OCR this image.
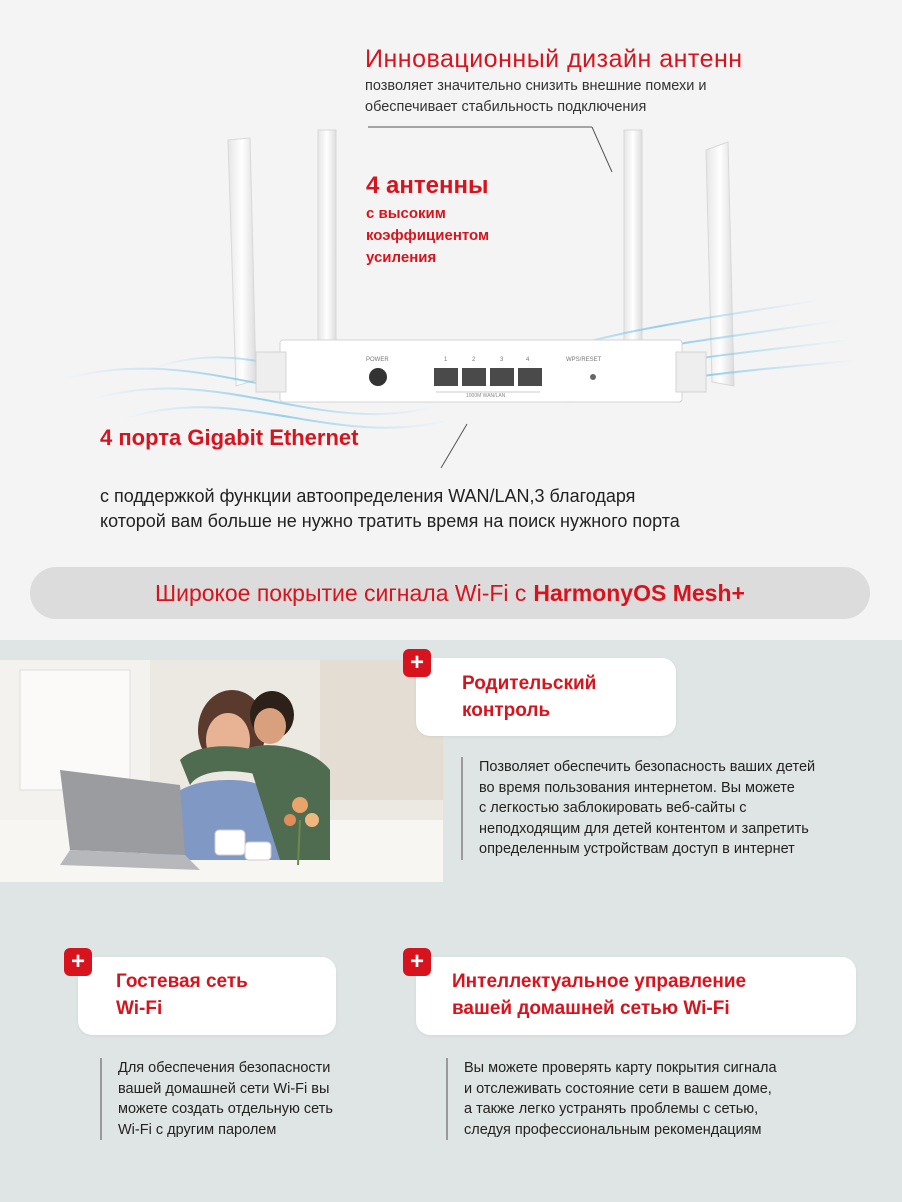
POWER	1	2	3	4
1000M WAN/LAN
WPS/RESET
Инновационный дизайн антенн
позволяет значительно снизить внешние помехи и
обеспечивает стабильность подключения
4 антенны
с высоким
коэффициентом
усиления
4 порта Gigabit Ethernet
с поддержкой функции автоопределения WAN/LAN,3 благодаря
которой вам больше не нужно тратить время на поиск нужного порта
Широкое покрытие сигнала Wi-Fi с HarmonyOS Mesh+
Родительский
контроль
+
Позволяет обеспечить безопасность ваших детей
во время пользования интернетом. Вы можете
с легкостью заблокировать веб-сайты с
неподходящим для детей контентом и запретить
определенным устройствам доступ в интернет
Гостевая сеть
Wi-Fi
+
Для обеспечения безопасности
вашей домашней сети Wi-Fi вы
можете создать отдельную сеть
Wi-Fi с другим паролем
Интеллектуальное управление
вашей домашней сетью Wi-Fi
+
Вы можете проверять карту покрытия сигнала
и отслеживать состояние сети в вашем доме,
а также легко устранять проблемы с сетью,
следуя профессиональным рекомендациям
